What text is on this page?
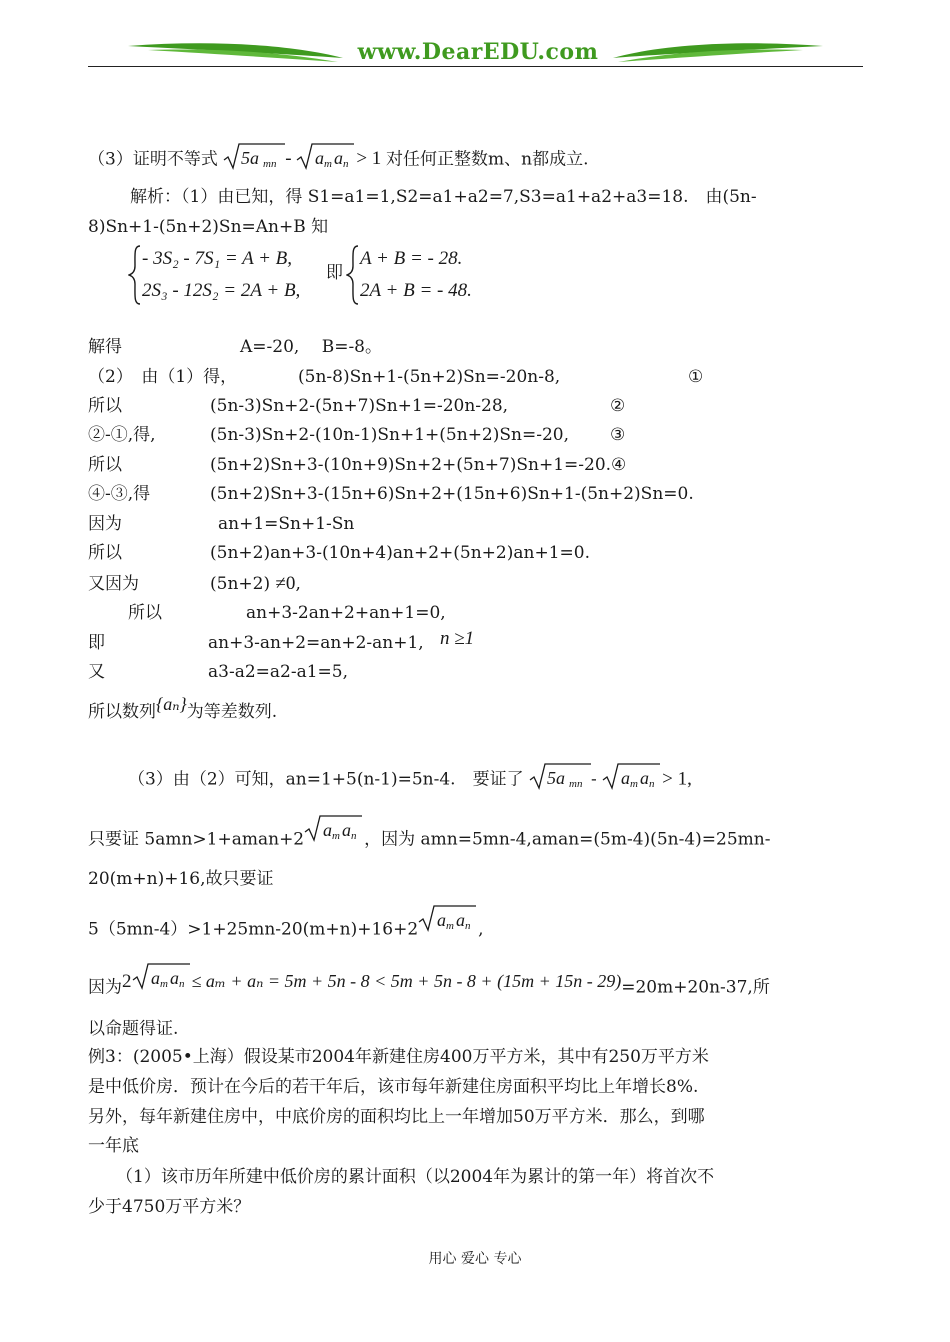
www.DearEDU.com
（3）证明不等式 5a mn - a m a n > 1 对任何正整数m、n都成立.
解析：（1）由已知，得 S1=a1=1,S2=a1+a2=7,S3=a1+a2+a3=18.　由(5n-
8)Sn+1-(5n+2)Sn=An+B 知
- 3S₂ - 7S₁ = A + B,
2S₃ - 12S₂ = 2A + B,
即
A + B = - 28.
2A + B = - 48.
解得	A=-20,　 B=-8。
（2）　由（1）得，	(5n-8)Sn+1-(5n+2)Sn=-20n-8,	①
所以	(5n-3)Sn+2-(5n+7)Sn+1=-20n-28,	②
②-①,得,	(5n-3)Sn+2-(10n-1)Sn+1+(5n+2)Sn=-20, ③
所以	(5n+2)Sn+3-(10n+9)Sn+2+(5n+7)Sn+1=-20.④
④-③,得	(5n+2)Sn+3-(15n+6)Sn+2+(15n+6)Sn+1-(5n+2)Sn=0.
因为	an+1=Sn+1-Sn
所以	(5n+2)an+3-(10n+4)an+2+(5n+2)an+1=0.
又因为	(5n+2) ≠0,
所以	an+3-2an+2+an+1=0,
即	an+3-an+2=an+2-an+1, n ≥1
又	a3-a2=a2-a1=5,
所以数列{aₙ}为等差数列.
（3）由（2）可知，an=1+5(n-1)=5n-4.　要证了 5a mn - a m a n > 1,
只要证 5amn>1+aman+2 a m a n ，因为 amn=5mn-4,aman=(5m-4)(5n-4)=25mn-
20(m+n)+16,故只要证
5（5mn-4）>1+25mn-20(m+n)+16+2 a m a n ,
因为2 a m a n ≤ aₘ + aₙ = 5m + 5n - 8 < 5m + 5n - 8 + (15m + 15n - 29)=20m+20n-37,所
以命题得证.
例3：(2005•上海）假设某市2004年新建住房400万平方米，其中有250万平方米
是中低价房．预计在今后的若干年后，该市每年新建住房面积平均比上年增长8%.
另外，每年新建住房中，中底价房的面积均比上一年增加50万平方米．那么，到哪
一年底
（1）该市历年所建中低价房的累计面积（以2004年为累计的第一年）将首次不
少于4750万平方米？
用心 爱心 专心
